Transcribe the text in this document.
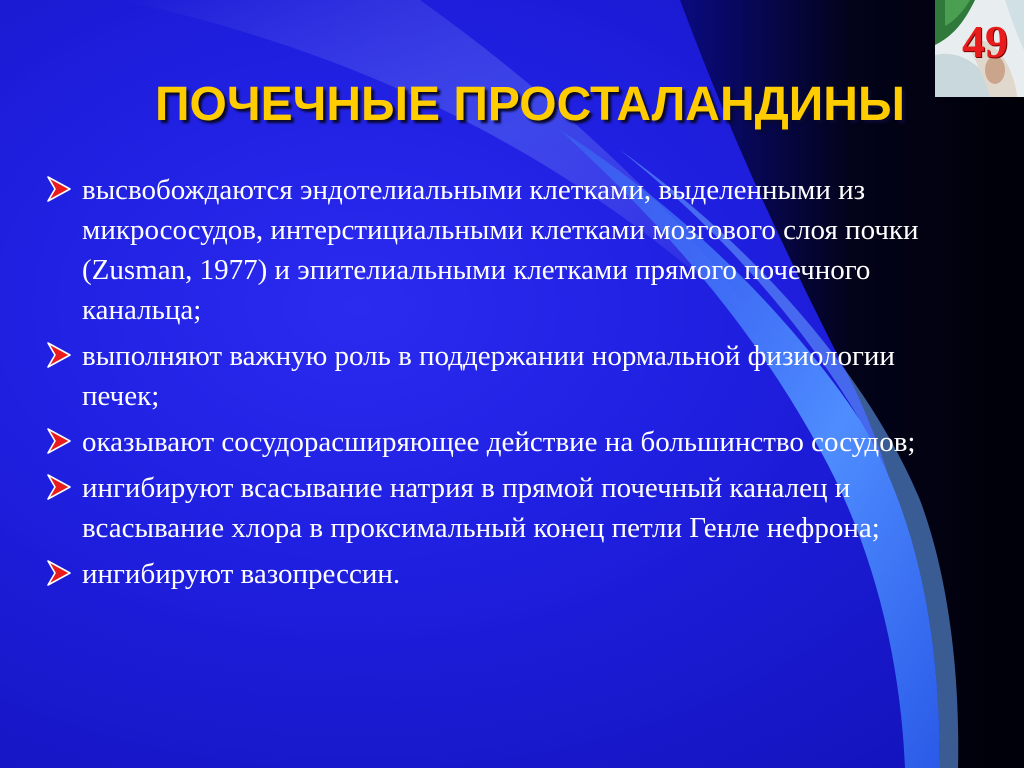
49
ПОЧЕЧНЫЕ ПРОСТАЛАНДИНЫ
высвобождаются эндотелиальными клетками, выделенными из микрососудов, интерстициальными клетками мозгового слоя почки (Zusman, 1977) и эпителиальными клетками прямого почечного канальца;
выполняют важную роль в поддержании нормальной физиологии печек;
оказывают сосудорасширяющее действие на большинство сосудов;
ингибируют всасывание натрия в прямой почечный каналец и всасывание хлора в проксимальный конец петли Генле нефрона;
ингибируют вазопрессин.
